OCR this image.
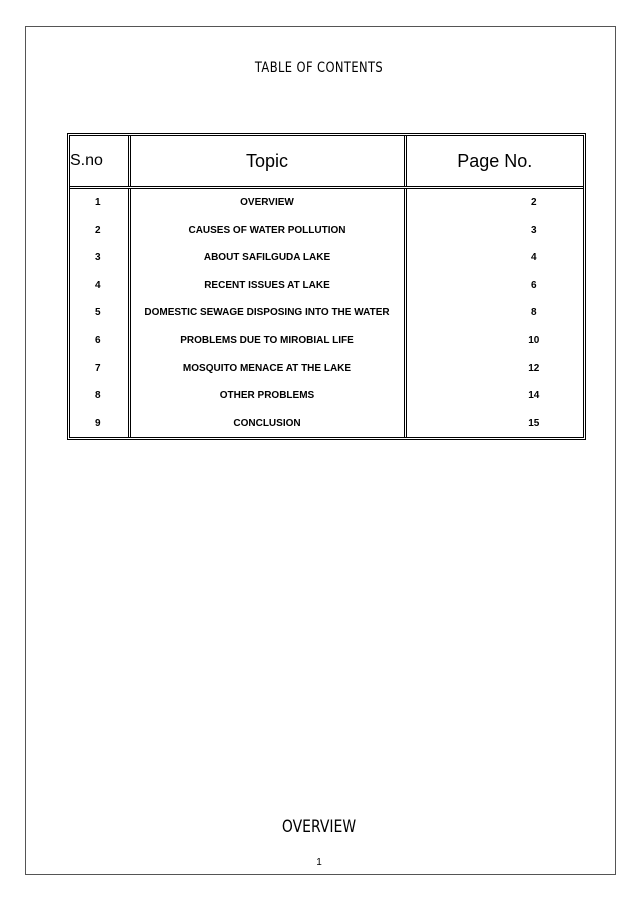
TABLE OF CONTENTS
S.no	Topic	Page No.
1	OVERVIEW	2
2	CAUSES OF WATER POLLUTION	3
3	ABOUT SAFILGUDA LAKE	4
4	RECENT ISSUES AT LAKE	6
5	DOMESTIC SEWAGE DISPOSING INTO THE WATER	8
6	PROBLEMS DUE TO MIROBIAL LIFE	10
7	MOSQUITO MENACE AT THE LAKE	12
8	OTHER PROBLEMS	14
9	CONCLUSION	15
OVERVIEW
1
